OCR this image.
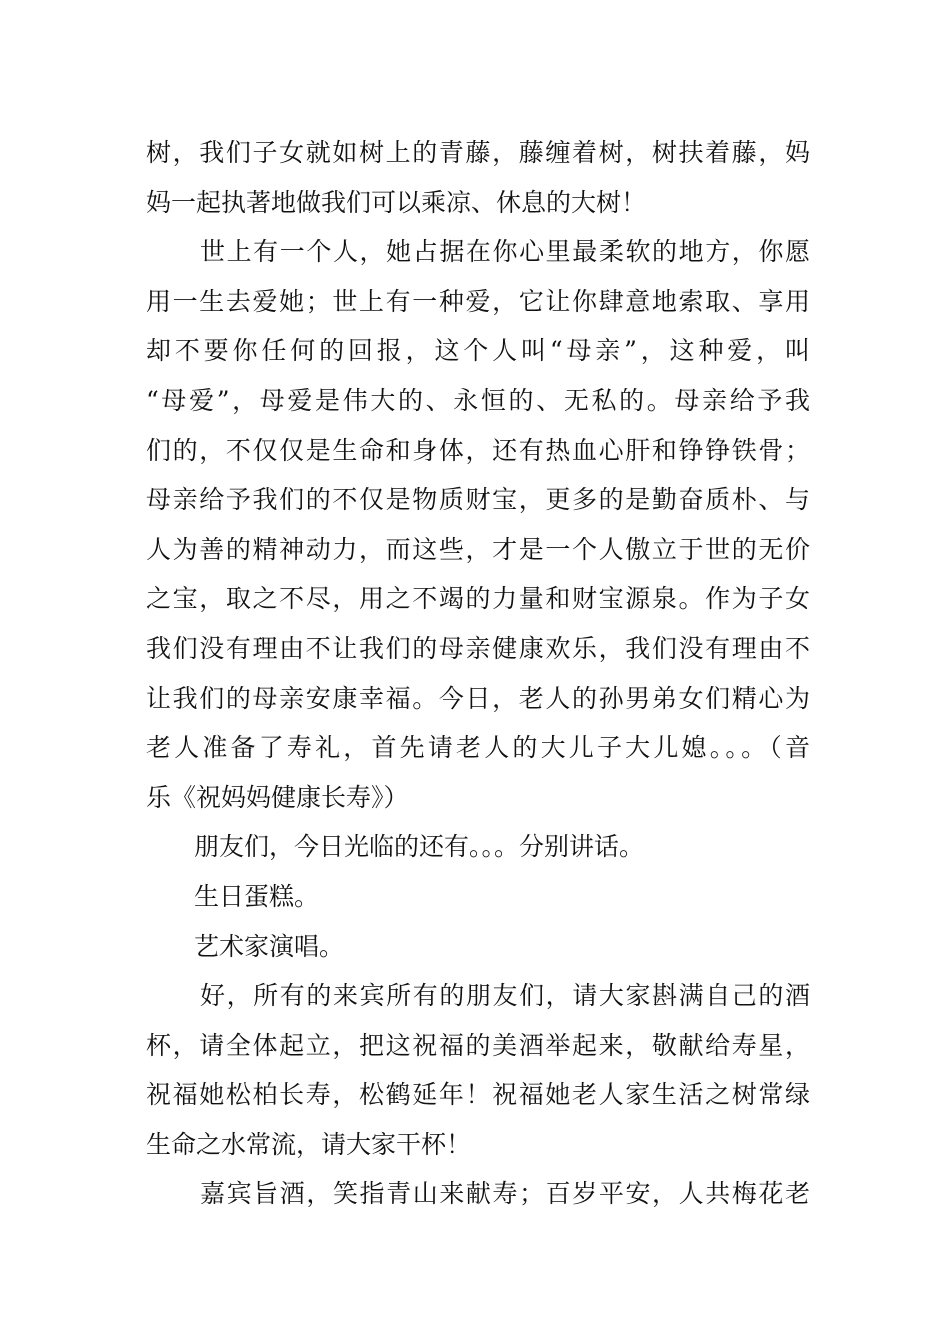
树，我们子女就如树上的青藤，藤缠着树，树扶着藤，妈
妈一起执著地做我们可以乘凉、休息的大树！
世上有一个人，她占据在你心里最柔软的地方，你愿
用一生去爱她；世上有一种爱，它让你肆意地索取、享用
却不要你任何的回报，这个人叫“母亲”，这种爱，叫
“母爱”，母爱是伟大的、永恒的、无私的。母亲给予我
们的，不仅仅是生命和身体，还有热血心肝和铮铮铁骨；
母亲给予我们的不仅是物质财宝，更多的是勤奋质朴、与
人为善的精神动力，而这些，才是一个人傲立于世的无价
之宝，取之不尽，用之不竭的力量和财宝源泉。作为子女
我们没有理由不让我们的母亲健康欢乐，我们没有理由不
让我们的母亲安康幸福。今日，老人的孙男弟女们精心为
老人准备了寿礼，首先请老人的大儿子大儿媳。。。（音
乐《祝妈妈健康长寿》）
朋友们，今日光临的还有。。。分别讲话。
生日蛋糕。
艺术家演唱。
好，所有的来宾所有的朋友们，请大家斟满自己的酒
杯，请全体起立，把这祝福的美酒举起来，敬献给寿星，
祝福她松柏长寿，松鹤延年！祝福她老人家生活之树常绿
生命之水常流，请大家干杯！
嘉宾旨酒，笑指青山来献寿；百岁平安，人共梅花老
